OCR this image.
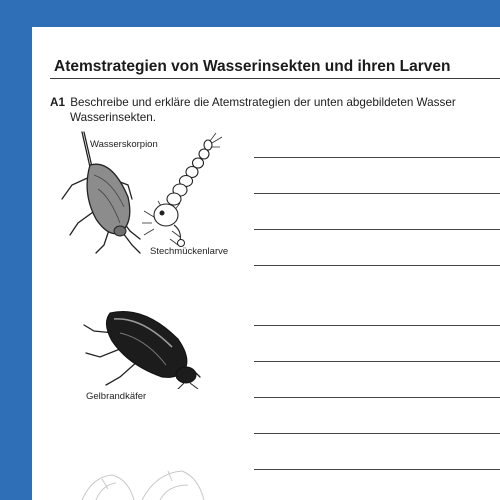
Atemstrategien von Wasserinsekten und ihren Larven
A1 Beschreibe und erkläre die Atemstrategien der unten abgebildeten Wasser
Wasserinsekten.
Wasserskorpion
Stechmückenlarve
Gelbrandkäfer
